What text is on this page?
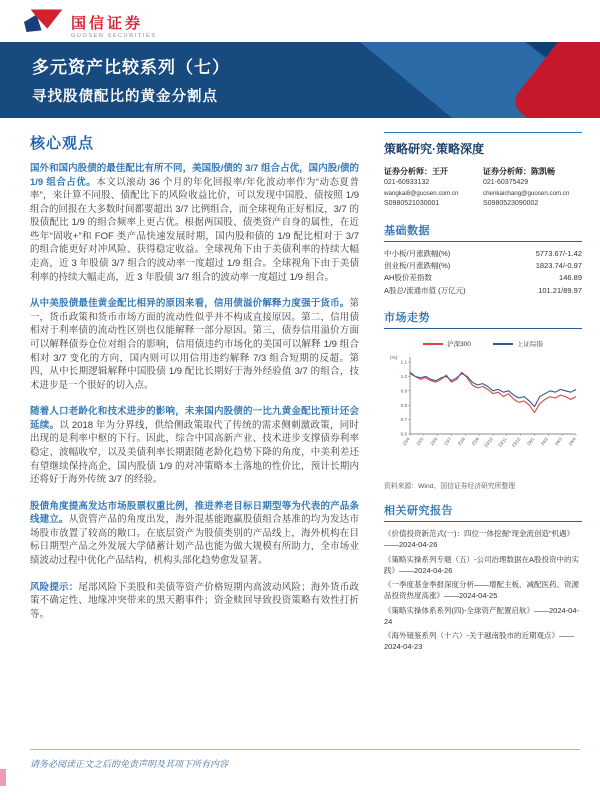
国信证券
GUOSEN SECURITIES
多元资产比较系列（七）
寻找股债配比的黄金分割点
核心观点

国外和国内股债的最佳配比有所不同，美国股/债的 3/7 组合占优，国内股/债的 1/9 组合占优。本文以滚动 36 个月的年化回报率/年化波动率作为“动态夏普率”，来计算不同股、债配比下的风险收益比价，可以发现中国股、债按照 1/9 组合的回报在大多数时间都要超出 3/7 比例组合，而全球视角正好相反，3/7 的股债配比 1/9 的组合频率上更占优。根据两国股、债类资产自身的属性，在近些年“固收+”和 FOF 类产品快速发展时期，国内股和债的 1/9 配比相对于 3/7 的组合能更好对冲风险、获得稳定收益。全球视角下由于美债利率的持续大幅走高，近 3 年股债 3/7 组合的波动率一度超过 1/9 组合。全球视角下由于美债利率的持续大幅走高，近 3 年股债 3/7 组合的波动率一度超过 1/9 组合。

从中美股债最佳黄金配比相异的原因来看，信用债溢价解释力度强于货币。第一，货币政策和货币市场方面的流动性似乎并不构成直接原因。第二，信用债相对于利率债的流动性区别也仅能解释一部分原因。第三，债券信用溢价方面可以解释债券仓位对组合的影响，信用债违约市场化的美国可以解释 1/9 组合相对 3/7 变化的方向，国内则可以用信用违约解释 7/3 组合短期的反超。第四，从中长期逻辑解释中国股债 1/9 配比长期好于海外经验值 3/7 的组合，技术进步是一个很好的切入点。

随着人口老龄化和技术进步的影响，未来国内股债的一比九黄金配比预计还会延续。以 2018 年为分界线，供给侧政策取代了传统的需求侧刺激政策，同时出现的是利率中枢的下行。因此，综合中国高新产业、技术进步支撑债券利率稳定、波幅收窄，以及美债利率长期跟随老龄化趋势下降的角度，中美利差还有望继续保持高企，国内股债 1/9 的对冲策略本土落地的性价比，预计长期内还将好于海外传统 3/7 的经验。

股债角度提高发达市场股票权重比例，推进养老目标日期型等为代表的产品条线建立。从资管产品的角度出发，海外混基能跑赢股债组合基准的均为发达市场股市放置了较高的敞口。在底层资产为股债类别的产品线上，海外机构在目标日期型产品之外发展大学储蓄计划产品也能为做大规模有所助力，全市场业绩波动过程中优化产品结构，机构头部化趋势愈发显著。

风险提示：尾部风险下美股和美债等资产价格短期内高波动风险；海外货币政策不确定性、地缘冲突带来的黑天鹅事件；资金赎回导致投资策略有效性打折等。

策略研究·策略深度
证券分析师：王开
021-60933132
wangkai8@guosen.com.cn
S0980521030001
证券分析师：陈凯畅
021-60375429
chenkaichang@guosen.com.cn
S0980523090002
基础数据
中小板/月涨跌幅(%)	5773.67/-1.42
创业板/月涨跌幅(%)	1823.74/-0.97
AH股价差指数	146.89
A股总/流通市值 (万亿元)	101.21/89.97
市场走势
沪深300	上证综指
(%)
0.6
0.7
0.8
0.9
1.0
1.1
23/4 23/5 23/6 23/7 23/8 23/9 23/10 23/11 23/12 24/1 24/2 24/3 24/4
资料来源：Wind、国信证券经济研究所整理
相关研究报告

《价值投资新范式(一)：四位一体挖掘“现金流创造”机遇》——2024-04-26

《策略实操系列专题（五）-公司治理数据在A股投资中的实践》——2024-04-26

《一季度基金季报深度分析——增配主板、减配医药、资源品投资热度高涨》——2024-04-25

《策略实操体系系列(四)-全球资产配置启航》——2024-04-24

《海外镜鉴系列（十六）-关于越南股市的近期观点》——2024-04-23

请务必阅读正文之后的免责声明及其项下所有内容
